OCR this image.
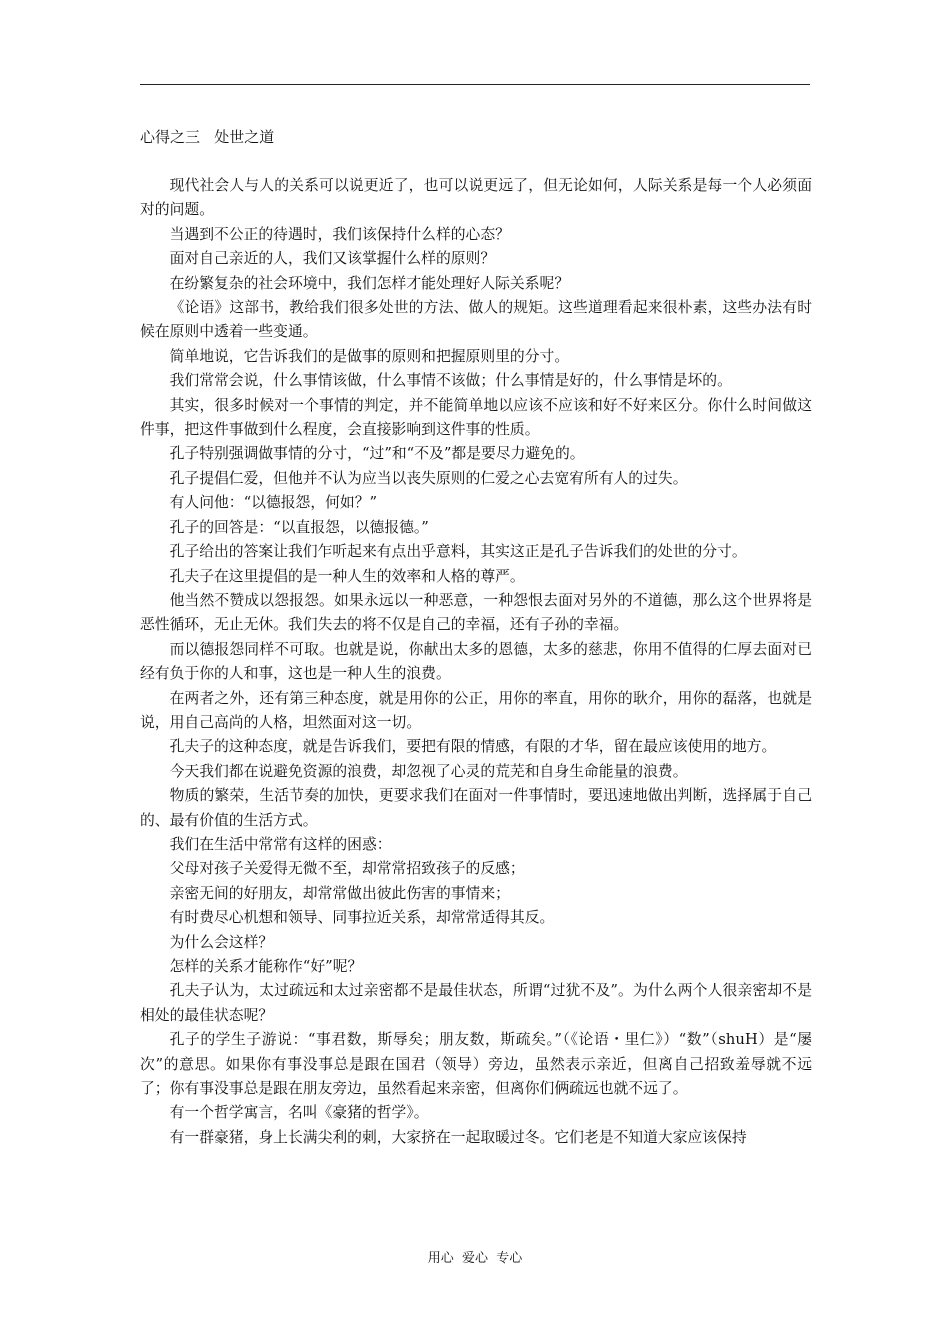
心得之三   处世之道

现代社会人与人的关系可以说更近了，也可以说更远了，但无论如何，人际关系是每一个人必须面对的问题。

当遇到不公正的待遇时，我们该保持什么样的心态？

面对自己亲近的人，我们又该掌握什么样的原则？

在纷繁复杂的社会环境中，我们怎样才能处理好人际关系呢？

《论语》这部书，教给我们很多处世的方法、做人的规矩。这些道理看起来很朴素，这些办法有时候在原则中透着一些变通。

简单地说，它告诉我们的是做事的原则和把握原则里的分寸。

我们常常会说，什么事情该做，什么事情不该做；什么事情是好的，什么事情是坏的。

其实，很多时候对一个事情的判定，并不能简单地以应该不应该和好不好来区分。你什么时间做这件事，把这件事做到什么程度，会直接影响到这件事的性质。

孔子特别强调做事情的分寸，“过”和“不及”都是要尽力避免的。

孔子提倡仁爱，但他并不认为应当以丧失原则的仁爱之心去宽宥所有人的过失。

有人问他：“以德报怨，何如？”

孔子的回答是：“以直报怨，以德报德。”

孔子给出的答案让我们乍听起来有点出乎意料，其实这正是孔子告诉我们的处世的分寸。

孔夫子在这里提倡的是一种人生的效率和人格的尊严。

他当然不赞成以怨报怨。如果永远以一种恶意，一种怨恨去面对另外的不道德，那么这个世界将是恶性循环，无止无休。我们失去的将不仅是自己的幸福，还有子孙的幸福。

而以德报怨同样不可取。也就是说，你献出太多的恩德，太多的慈悲，你用不值得的仁厚去面对已经有负于你的人和事，这也是一种人生的浪费。

在两者之外，还有第三种态度，就是用你的公正，用你的率直，用你的耿介，用你的磊落，也就是说，用自己高尚的人格，坦然面对这一切。

孔夫子的这种态度，就是告诉我们，要把有限的情感，有限的才华，留在最应该使用的地方。

今天我们都在说避免资源的浪费，却忽视了心灵的荒芜和自身生命能量的浪费。

物质的繁荣，生活节奏的加快，更要求我们在面对一件事情时，要迅速地做出判断，选择属于自己的、最有价值的生活方式。

我们在生活中常常有这样的困惑：

父母对孩子关爱得无微不至，却常常招致孩子的反感；

亲密无间的好朋友，却常常做出彼此伤害的事情来；

有时费尽心机想和领导、同事拉近关系，却常常适得其反。

为什么会这样？

怎样的关系才能称作“好”呢？

孔夫子认为，太过疏远和太过亲密都不是最佳状态，所谓“过犹不及”。为什么两个人很亲密却不是相处的最佳状态呢？

孔子的学生子游说：“事君数，斯辱矣；朋友数，斯疏矣。”（《论语・里仁》）“数”（shuH）是“屡次”的意思。如果你有事没事总是跟在国君（领导）旁边，虽然表示亲近，但离自己招致羞辱就不远了；你有事没事总是跟在朋友旁边，虽然看起来亲密，但离你们俩疏远也就不远了。

有一个哲学寓言，名叫《豪猪的哲学》。

有一群豪猪，身上长满尖利的刺，大家挤在一起取暖过冬。它们老是不知道大家应该保持

用心  爱心  专心
